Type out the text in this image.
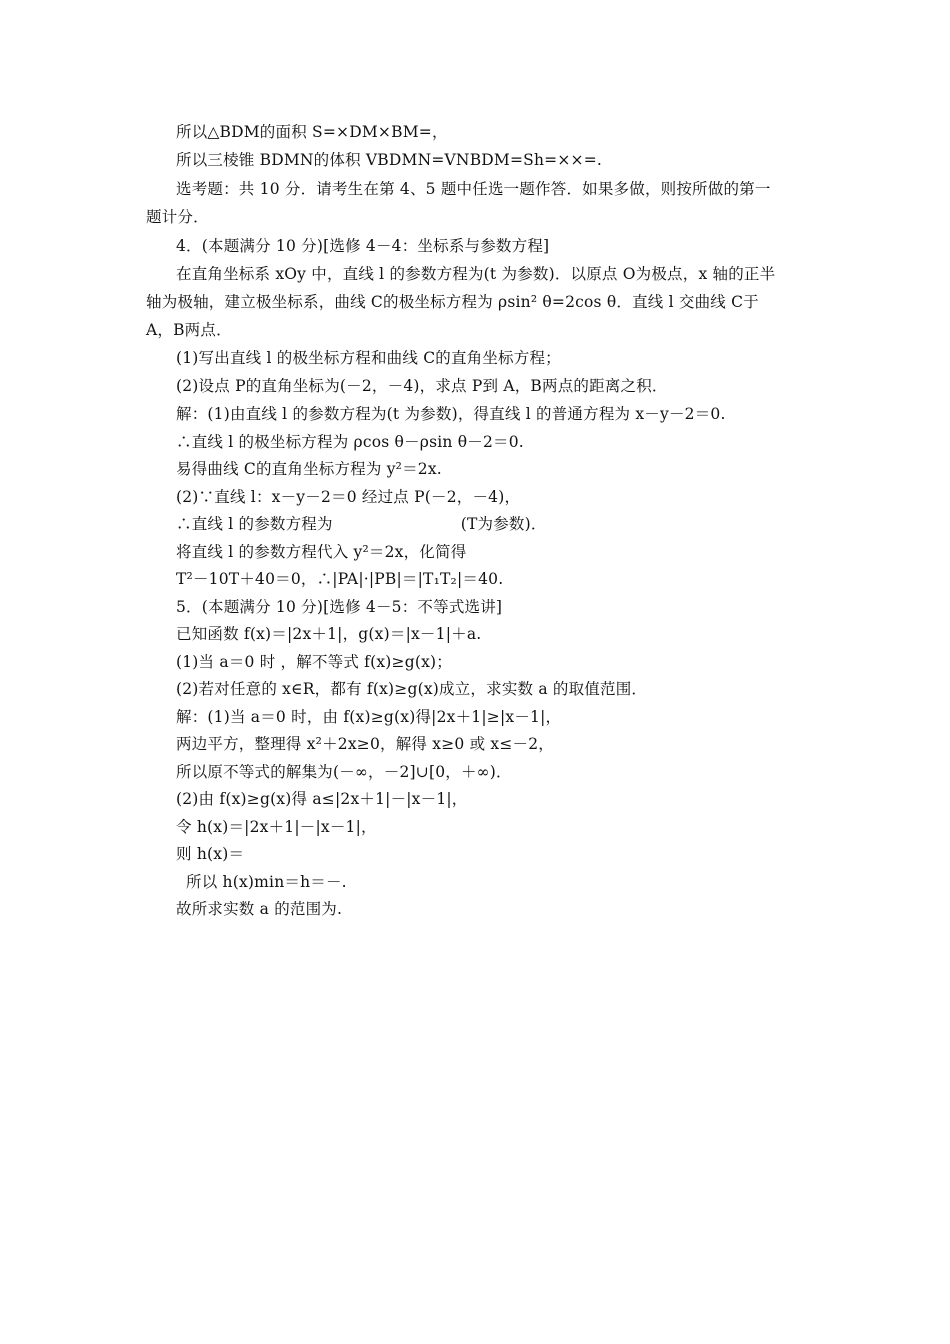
所以△BDM的面积 S=×DM×BM=，
所以三棱锥 BDMN的体积 VBDMN=VNBDM=Sh=××=.
选考题：共 10 分．请考生在第 4、5 题中任选一题作答．如果多做，则按所做的第一
题计分．
4．(本题满分 10 分)[选修 4－4：坐标系与参数方程]
在直角坐标系 xOy 中，直线 l 的参数方程为(t 为参数)．以原点 O为极点，x 轴的正半
轴为极轴，建立极坐标系，曲线 C的极坐标方程为 ρsin² θ=2cos θ．直线 l 交曲线 C于
A，B两点．
(1)写出直线 l 的极坐标方程和曲线 C的直角坐标方程；
(2)设点 P的直角坐标为(－2，－4)，求点 P到 A，B两点的距离之积．
解：(1)由直线 l 的参数方程为(t 为参数)，得直线 l 的普通方程为 x－y－2＝0.
∴直线 l 的极坐标方程为 ρcos θ－ρsin θ－2＝0.
易得曲线 C的直角坐标方程为 y²＝2x.
(2)∵直线 l：x－y－2＝0 经过点 P(－2，－4)，
∴直线 l 的参数方程为	(T为参数)．
将直线 l 的参数方程代入 y²＝2x，化简得
T²－10T＋40＝0，∴|PA|·|PB|＝|T₁T₂|＝40.
5．(本题满分 10 分)[选修 4－5：不等式选讲]
已知函数 f(x)＝|2x＋1|，g(x)＝|x－1|＋a.
(1)当 a＝0 时 ，解不等式 f(x)≥g(x)；
(2)若对任意的 x∈R，都有 f(x)≥g(x)成立，求实数 a 的取值范围．
解：(1)当 a＝0 时，由 f(x)≥g(x)得|2x＋1|≥|x－1|，
两边平方，整理得 x²＋2x≥0，解得 x≥0 或 x≤－2，
所以原不等式的解集为(－∞，－2]∪[0，＋∞)．
(2)由 f(x)≥g(x)得 a≤|2x＋1|－|x－1|，
令 h(x)＝|2x＋1|－|x－1|，
则 h(x)＝
所以 h(x)min＝h＝－.
故所求实数 a 的范围为.
